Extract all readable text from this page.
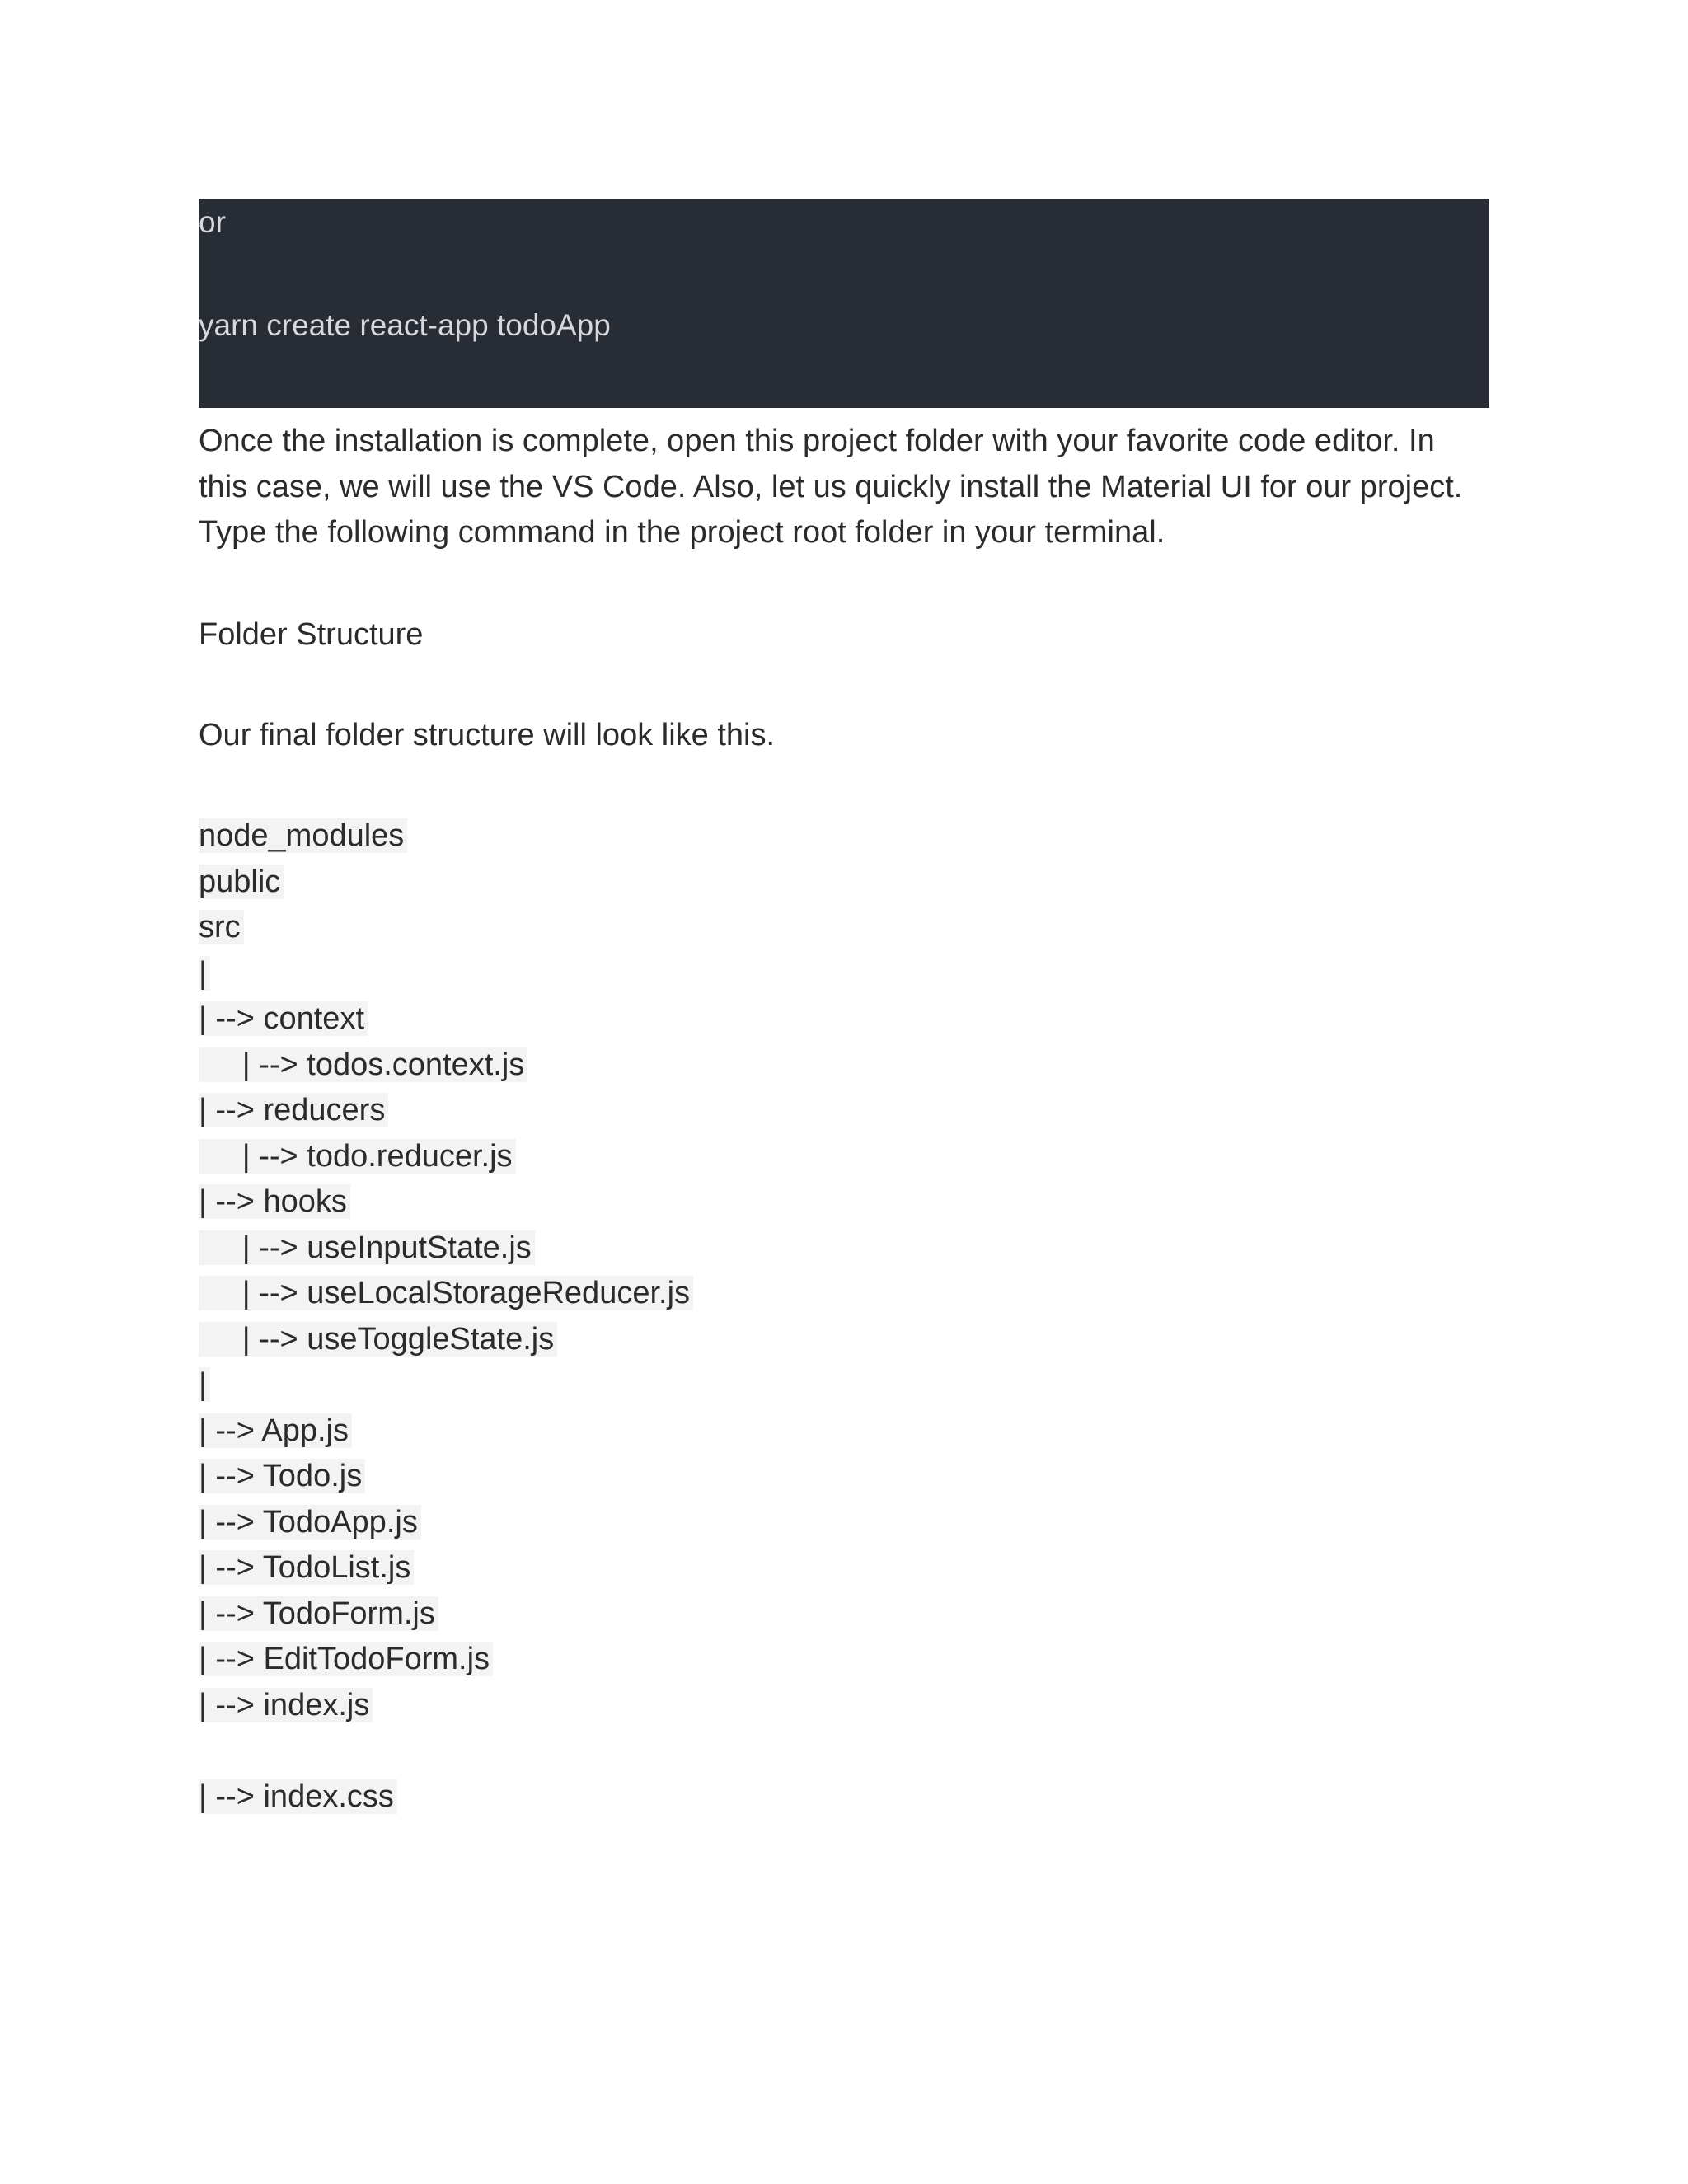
or
yarn create react-app todoApp

Once the installation is complete, open this project folder with your favorite code editor. In this case, we will use the VS Code. Also, let us quickly install the Material UI for our project. Type the following command in the project root folder in your terminal.

Folder Structure

Our final folder structure will look like this.

node_modules
public
src
|
| --> context
| --> todos.context.js
| --> reducers
| --> todo.reducer.js
| --> hooks
| --> useInputState.js
| --> useLocalStorageReducer.js
| --> useToggleState.js
|
| --> App.js
| --> Todo.js
| --> TodoApp.js
| --> TodoList.js
| --> TodoForm.js
| --> EditTodoForm.js
| --> index.js
| --> index.css
